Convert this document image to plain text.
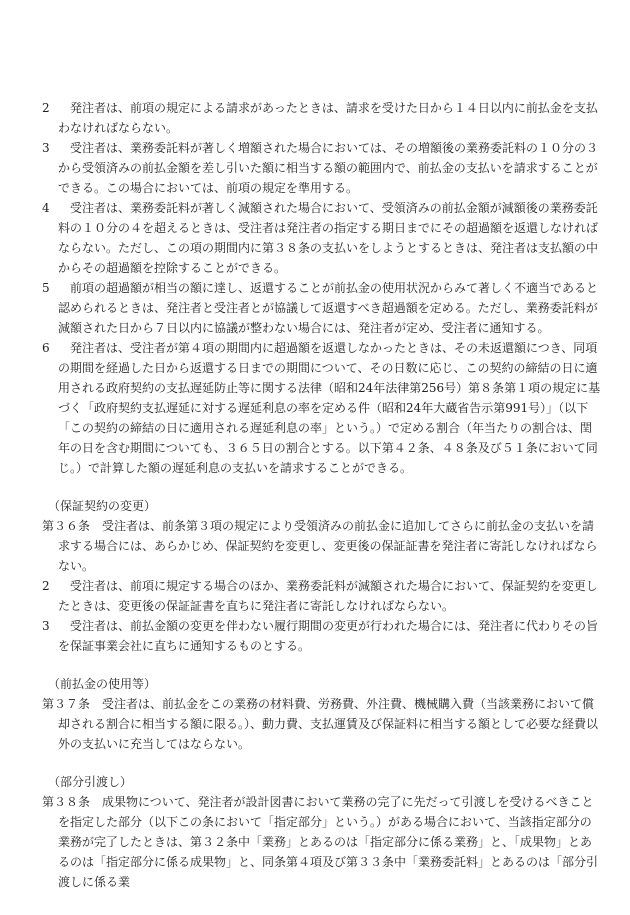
2 　発注者は、前項の規定による請求があったときは、請求を受けた日から１４日以内に前払金を支払わなければならない。
3 　受注者は、業務委託料が著しく増額された場合においては、その増額後の業務委託料の１０分の３から受領済みの前払金額を差し引いた額に相当する額の範囲内で、前払金の支払いを請求することができる。この場合においては、前項の規定を準用する。
4 　受注者は、業務委託料が著しく減額された場合において、受領済みの前払金額が減額後の業務委託料の１０分の４を超えるときは、受注者は発注者の指定する期日までにその超過額を返還しなければならない。ただし、この項の期間内に第３８条の支払いをしようとするときは、発注者は支払額の中からその超過額を控除することができる。
5 　前項の超過額が相当の額に達し、返還することが前払金の使用状況からみて著しく不適当であると認められるときは、発注者と受注者とが協議して返還すべき超過額を定める。ただし、業務委託料が減額された日から７日以内に協議が整わない場合には、発注者が定め、受注者に通知する。
6 　発注者は、受注者が第４項の期間内に超過額を返還しなかったときは、その未返還額につき、同項の期間を経過した日から返還する日までの期間について、その日数に応じ、この契約の締結の日に適用される政府契約の支払遅延防止等に関する法律（昭和24年法律第256号）第８条第１項の規定に基づく「政府契約支払遅延に対する遅延利息の率を定める件（昭和24年大蔵省告示第991号）」（以下「この契約の締結の日に適用される遅延利息の率」という。）で定める割合（年当たりの割合は、閏年の日を含む期間についても、３６５日の割合とする。以下第４２条、４８条及び５１条において同じ。）で計算した額の遅延利息の支払いを請求することができる。
（保証契約の変更）
第３６条　受注者は、前条第３項の規定により受領済みの前払金に追加してさらに前払金の支払いを請求する場合には、あらかじめ、保証契約を変更し、変更後の保証証書を発注者に寄託しなければならない。
2 　受注者は、前項に規定する場合のほか、業務委託料が減額された場合において、保証契約を変更したときは、変更後の保証証書を直ちに発注者に寄託しなければならない。
3 　受注者は、前払金額の変更を伴わない履行期間の変更が行われた場合には、発注者に代わりその旨を保証事業会社に直ちに通知するものとする。
（前払金の使用等）
第３７条　受注者は、前払金をこの業務の材料費、労務費、外注費、機械購入費（当該業務において償却される割合に相当する額に限る。）、動力費、支払運賃及び保証料に相当する額として必要な経費以外の支払いに充当してはならない。
（部分引渡し）
第３８条　成果物について、発注者が設計図書において業務の完了に先だって引渡しを受けるべきことを指定した部分（以下この条において「指定部分」という。）がある場合において、当該指定部分の業務が完了したときは、第３２条中「業務」とあるのは「指定部分に係る業務」と、「成果物」とあるのは「指定部分に係る成果物」と、同条第４項及び第３３条中「業務委託料」とあるのは「部分引渡しに係る業
